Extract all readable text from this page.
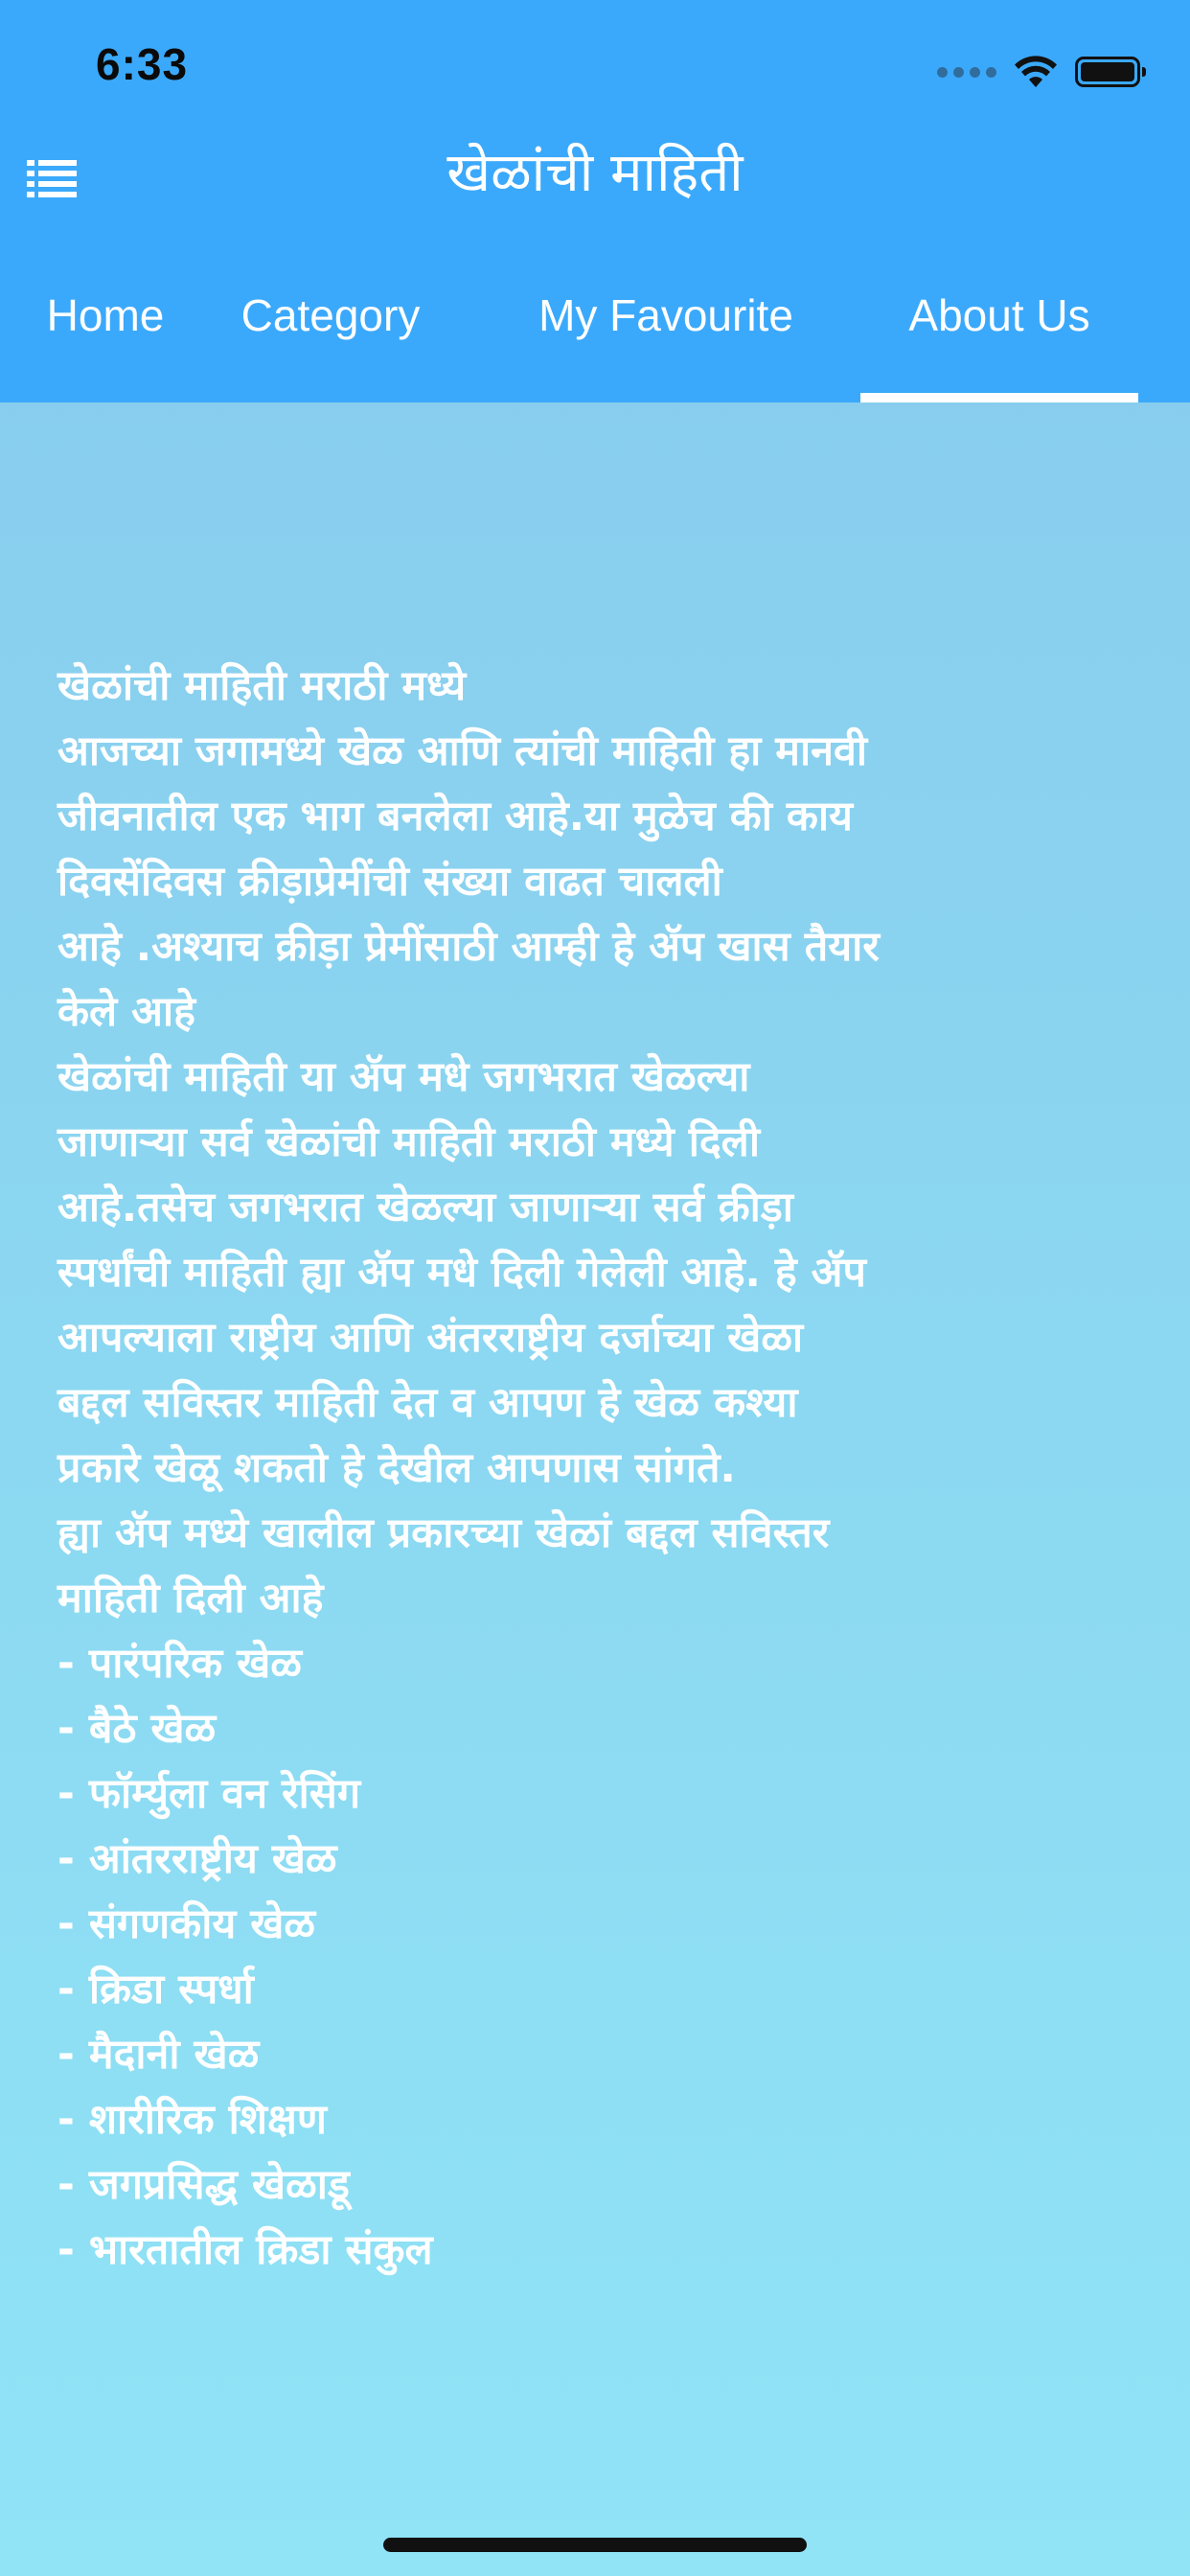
6:33
खेळांची माहिती
Home	Category	My Favourite	About Us
खेळांची माहिती मराठी मध्ये
आजच्या जगामध्ये खेळ आणि त्यांची माहिती हा मानवी
जीवनातील एक भाग बनलेला आहे.या मुळेच की काय
दिवसेंदिवस क्रीड़ाप्रेमींची संख्या वाढत चालली
आहे .अश्याच क्रीड़ा प्रेमींसाठी आम्ही हे ॲप खास तैयार
केले आहे
खेळांची माहिती या ॲप मधे जगभरात खेळल्या
जाणाऱ्या सर्व खेळांची माहिती मराठी मध्ये दिली
आहे.तसेच जगभरात खेळल्या जाणाऱ्या सर्व क्रीड़ा
स्पर्धांची माहिती ह्या ॲप मधे दिली गेलेली आहे. हे ॲप
आपल्याला राष्ट्रीय आणि अंतरराष्ट्रीय दर्जाच्या खेळा
बद्दल सविस्तर माहिती देत व आपण हे खेळ कश्या
प्रकारे खेळू शकतो हे देखील आपणास सांगते.
ह्या ॲप मध्ये खालील प्रकारच्या खेळां बद्दल सविस्तर
माहिती दिली आहे
- पारंपरिक खेळ
- बैठे खेळ
- फॉर्म्युला वन रेसिंग
- आंतरराष्ट्रीय खेळ
- संगणकीय खेळ
- क्रिडा स्पर्धा
- मैदानी खेळ
- शारीरिक शिक्षण
- जगप्रसिद्ध खेळाडू
- भारतातील क्रिडा संकुल
